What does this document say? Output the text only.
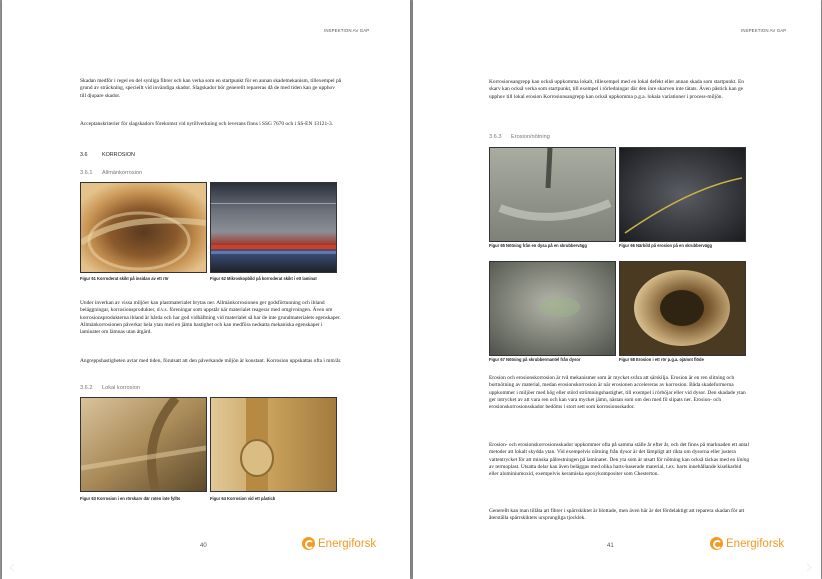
INSPEKTION AV GAP
Skadan medför i regel en del synliga fibrer och kan verka som en startpunkt för en annan skademekanism, tillexempel på grund av sträckning, speciellt vid invändiga skador. Slagskador bör generellt repareras då de med tiden kan ge upphov till djupare skador.
Acceptanskriterier för slagskadors förekomst vid nytillverkning och leverans finns i SSG 7670 och i SS-EN 13121-3.
3.6	KORROSION
3.6.1 Allmänkorrosion
Figur 61 Korroderat skikt på insidan av ett rör	Figur 62 Mikroskopbild på korroderat skikt i ett laminat
Under inverkan av vissa miljöer kan plastmaterialet brytas ner. Allmänkorrosionen ger godsförtunning och ibland beläggningar, korrosionsprodukter, d.v.s. föreningar som uppstår när materialet reagerar med omgivningen. Även om korrosionsprodukterna ibland är hårda och har god vidhäftning vid materialet så har de inte grundmaterialets egenskaper. Allmänkorrosionen påverkar hela ytan med en jämn hastighet och kan medföra nedsatta mekaniska egenskaper i laminatet om lämnas utan åtgärd.
Angreppshastigheten avtar med tiden, förutsatt att den påverkande miljön är konstant. Korrosion uppskattas ofta i mm/år.
3.6.2 Lokal korrosion
Figur 63 Korrosion i en rörskarv där roten inte fyllts	Figur 64 Korrosion vid ett påsticb
40	Energiforsk
INSPEKTION AV GAP
Korrosionsangrepp kan också uppkomma lokalt, tillexempel med en lokal defekt eller annan skada som startpunkt. En skarv kan också verka som startpunkt, till exempel i rörledningar där den inre skarven inte tätats. Även påstick kan ge upphov till lokal erosion Korrosionsangrepp kan också uppkomma p.g.a. lokala variationer i process-miljön.
3.6.3 Erosion/nötning
Figur 65 Nötning från en dysa på en skrubbervägg	Figur 66 Närbild på erosion på en skrubbervägg
Figur 67 Nötning på skrubbermantel från dysor	Figur 68 Erosion i ett rör p.g.a. ojämnt flöde
Erosion och erosionskorrosion är två mekanismer som är mycket svåra att särskilja. Erosion är en ren slitning och bortnötning av material, medan erosionskorrosion är när erosionen accelereras av korrosion. Båda skadeformerna uppkommer i miljöer med hög eller störd strömningshastighet, till exempel i rörböjar eller vid dysor. Den skadade ytan ger intrycket av att vara ren och kan vara mycket jämn, nästan som om den med fil slipats ner. Erosion- och erosionskorrosionsskador bedöms i stort sett som korrosionsskador.
Erosion- och erosionskorrosionsskador uppkommer ofta på samma ställe år efter år, och det finns på marknaden ett antal metoder att lokalt skydda ytan. Vid exempelvis nötning från dysor är det lämpligt att rikta om dysorna eller justera vattentrycket för att minska pålrestningen på laminatet. Den yta som är utsatt för nötning kan också täckas med en lining av termoplast. Utsatta delar kan även beläggas med olika harts-baserade material, t.ex. harts innehållande kiselkarbid eller aluminiumoxid, exempelvis keramiska epoxykompositer som Chesterton.
Generellt kan man tillåta att fibrer i spärrskiktet är blottade, men även här är det fördelaktigt att reparera skadan för att återställa spärrskiktets ursprungliga tjocklek.
41	Energiforsk
